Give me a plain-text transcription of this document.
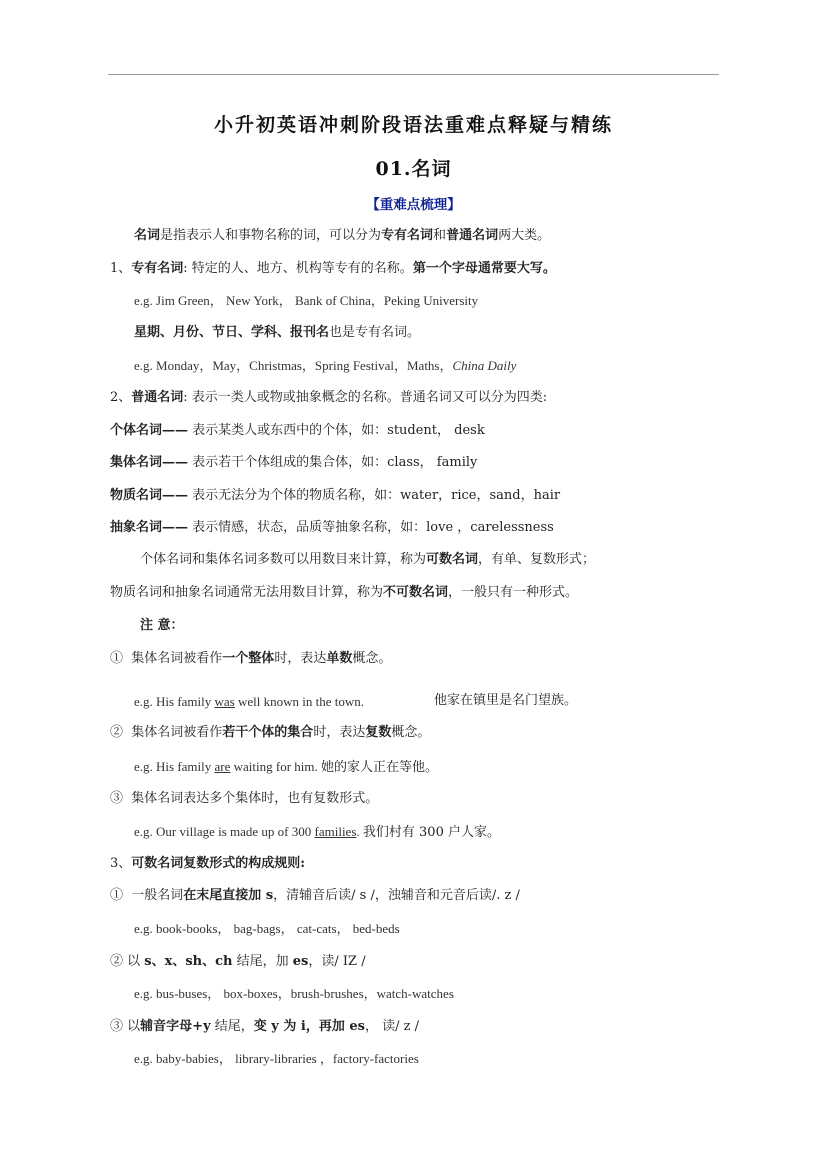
小升初英语冲刺阶段语法重难点释疑与精练
01.名词
【重难点梳理】
名词是指表示人和事物名称的词，可以分为专有名词和普通名词两大类。
1、专有名词: 特定的人、地方、机构等专有的名称。第一个字母通常要大写。
e.g. Jim Green， New York， Bank of China，Peking University
星期、月份、节日、学科、报刊名也是专有名词。
e.g. Monday，May，Christmas，Spring Festival，Maths，China Daily
2、普通名词: 表示一类人或物或抽象概念的名称。普通名词又可以分为四类:
个体名词—— 表示某类人或东西中的个体，如：student， desk
集体名词—— 表示若干个体组成的集合体，如：class， family
物质名词—— 表示无法分为个体的物质名称，如：water，rice，sand，hair
抽象名词—— 表示情感，状态，品质等抽象名称，如：love ，carelessness
个体名词和集体名词多数可以用数目来计算，称为可数名词，有单、复数形式；
物质名词和抽象名词通常无法用数目计算，称为不可数名词，一般只有一种形式。
注 意：
① 集体名词被看作一个整体时，表达单数概念。
e.g. His family was well known in the town.	他家在镇里是名门望族。
② 集体名词被看作若干个体的集合时，表达复数概念。
e.g. His family are waiting for him. 她的家人正在等他。
③ 集体名词表达多个集体时，也有复数形式。
e.g. Our village is made up of 300 families. 我们村有 300 户人家。
3、可数名词复数形式的构成规则:
① 一般名词在末尾直接加 s，清辅音后读/ s /，浊辅音和元音后读/. z /
e.g. book-books， bag-bags， cat-cats， bed-beds
② 以 s、x、sh、ch 结尾，加 es，读/ IZ /
e.g. bus-buses， box-boxes，brush-brushes，watch-watches
③ 以辅音字母+y 结尾，变 y 为 i，再加 es， 读/ z /
e.g. baby-babies， library-libraries ，factory-factories
